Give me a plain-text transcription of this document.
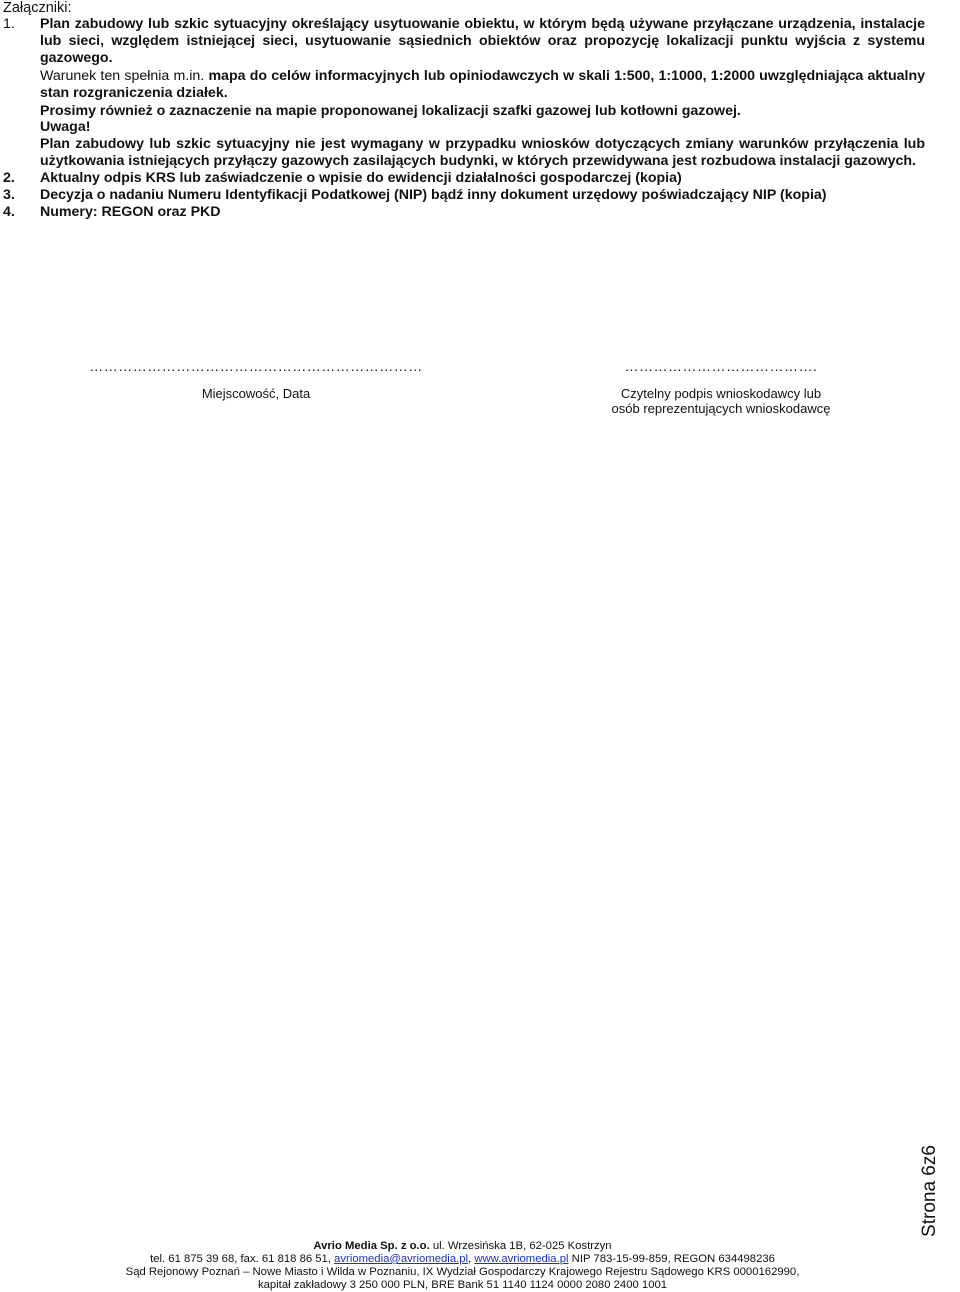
Załączniki:
1.	Plan zabudowy lub szkic sytuacyjny określający usytuowanie obiektu, w którym będą używane przyłączane urządzenia, instalacje lub sieci, względem istniejącej sieci, usytuowanie sąsiednich obiektów oraz propozycję lokalizacji punktu wyjścia z systemu gazowego.

Warunek ten spełnia m.in. mapa do celów informacyjnych lub opiniodawczych w skali 1:500, 1:1000, 1:2000 uwzględniająca aktualny stan rozgraniczenia działek.

Prosimy również o zaznaczenie na mapie proponowanej lokalizacji szafki gazowej lub kotłowni gazowej.

Uwaga!

Plan zabudowy lub szkic sytuacyjny nie jest wymagany w przypadku wniosków dotyczących zmiany warunków przyłączenia lub użytkowania istniejących przyłączy gazowych zasilających budynki, w których przewidywana jest rozbudowa instalacji gazowych.

2.	Aktualny odpis KRS lub zaświadczenie o wpisie do ewidencji działalności gospodarczej (kopia)
3.	Decyzja o nadaniu Numeru Identyfikacji Podatkowej (NIP) bądź inny dokument urzędowy poświadczający NIP (kopia)
4.	Numery: REGON oraz PKD
……………………………………………………………
Miejscowość, Data
………………………………….
Czytelny podpis wnioskodawcy lub
osób reprezentujących wnioskodawcę
Strona 6z6
Avrio Media Sp. z o.o. ul. Wrzesińska 1B, 62-025 Kostrzyn
tel. 61 875 39 68, fax. 61 818 86 51, avriomedia@avriomedia.pl, www.avriomedia.pl NIP 783-15-99-859, REGON 634498236
Sąd Rejonowy Poznań – Nowe Miasto i Wilda w Poznaniu, IX Wydział Gospodarczy Krajowego Rejestru Sądowego KRS 0000162990,
kapitał zakładowy 3 250 000 PLN, BRE Bank 51 1140 1124 0000 2080 2400 1001
